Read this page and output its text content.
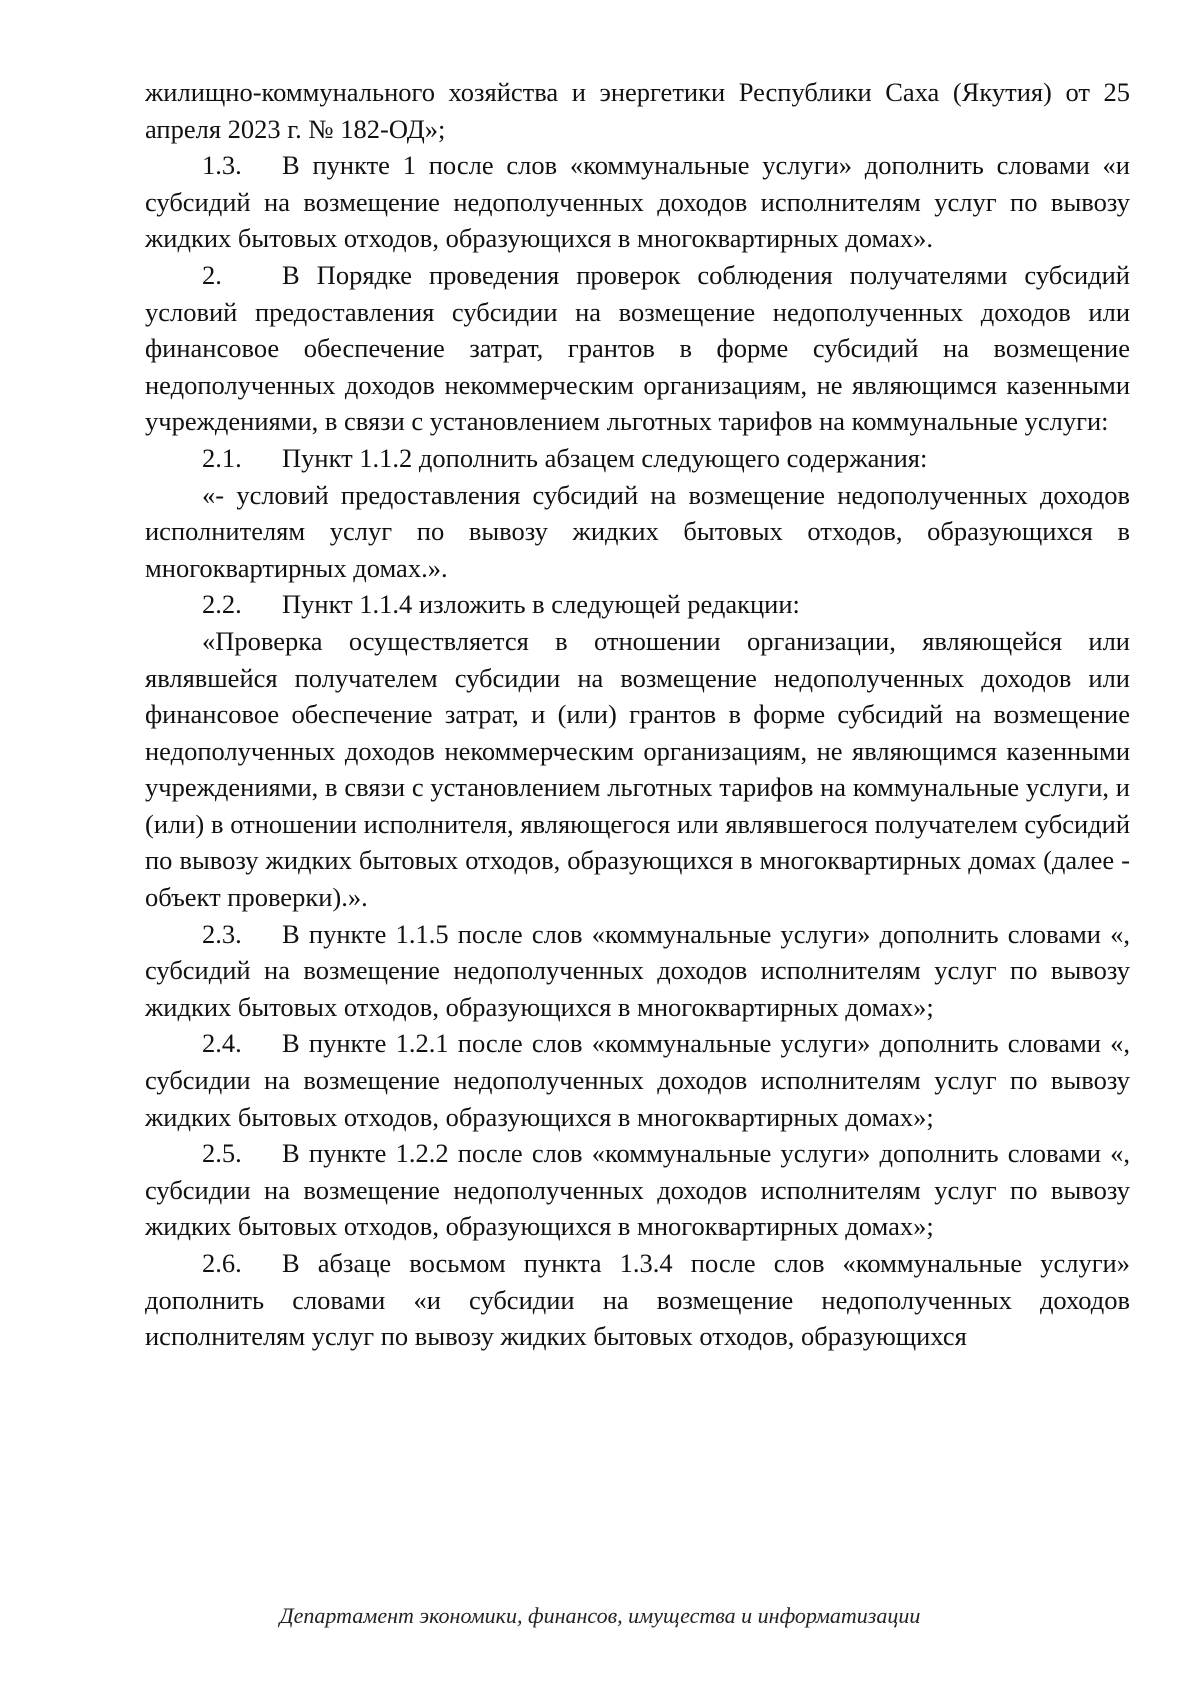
жилищно-коммунального хозяйства и энергетики Республики Саха (Якутия) от 25 апреля 2023 г. № 182-ОД»;

1.3. В пункте 1 после слов «коммунальные услуги» дополнить словами «и субсидий на возмещение недополученных доходов исполнителям услуг по вывозу жидких бытовых отходов, образующихся в многоквартирных домах».

2. В Порядке проведения проверок соблюдения получателями субсидий условий предоставления субсидии на возмещение недополученных доходов или финансовое обеспечение затрат, грантов в форме субсидий на возмещение недополученных доходов некоммерческим организациям, не являющимся казенными учреждениями, в связи с установлением льготных тарифов на коммунальные услуги:

2.1. Пункт 1.1.2 дополнить абзацем следующего содержания:

«- условий предоставления субсидий на возмещение недополученных доходов исполнителям услуг по вывозу жидких бытовых отходов, образующихся в многоквартирных домах.».

2.2. Пункт 1.1.4 изложить в следующей редакции:

«Проверка осуществляется в отношении организации, являющейся или являвшейся получателем субсидии на возмещение недополученных доходов или финансовое обеспечение затрат, и (или) грантов в форме субсидий на возмещение недополученных доходов некоммерческим организациям, не являющимся казенными учреждениями, в связи с установлением льготных тарифов на коммунальные услуги, и (или) в отношении исполнителя, являющегося или являвшегося получателем субсидий по вывозу жидких бытовых отходов, образующихся в многоквартирных домах (далее - объект проверки).».

2.3. В пункте 1.1.5 после слов «коммунальные услуги» дополнить словами «, субсидий на возмещение недополученных доходов исполнителям услуг по вывозу жидких бытовых отходов, образующихся в многоквартирных домах»;

2.4. В пункте 1.2.1 после слов «коммунальные услуги» дополнить словами «, субсидии на возмещение недополученных доходов исполнителям услуг по вывозу жидких бытовых отходов, образующихся в многоквартирных домах»;

2.5. В пункте 1.2.2 после слов «коммунальные услуги» дополнить словами «, субсидии на возмещение недополученных доходов исполнителям услуг по вывозу жидких бытовых отходов, образующихся в многоквартирных домах»;

2.6. В абзаце восьмом пункта 1.3.4 после слов «коммунальные услуги» дополнить словами «и субсидии на возмещение недополученных доходов исполнителям услуг по вывозу жидких бытовых отходов, образующихся

Департамент экономики, финансов, имущества и информатизации
